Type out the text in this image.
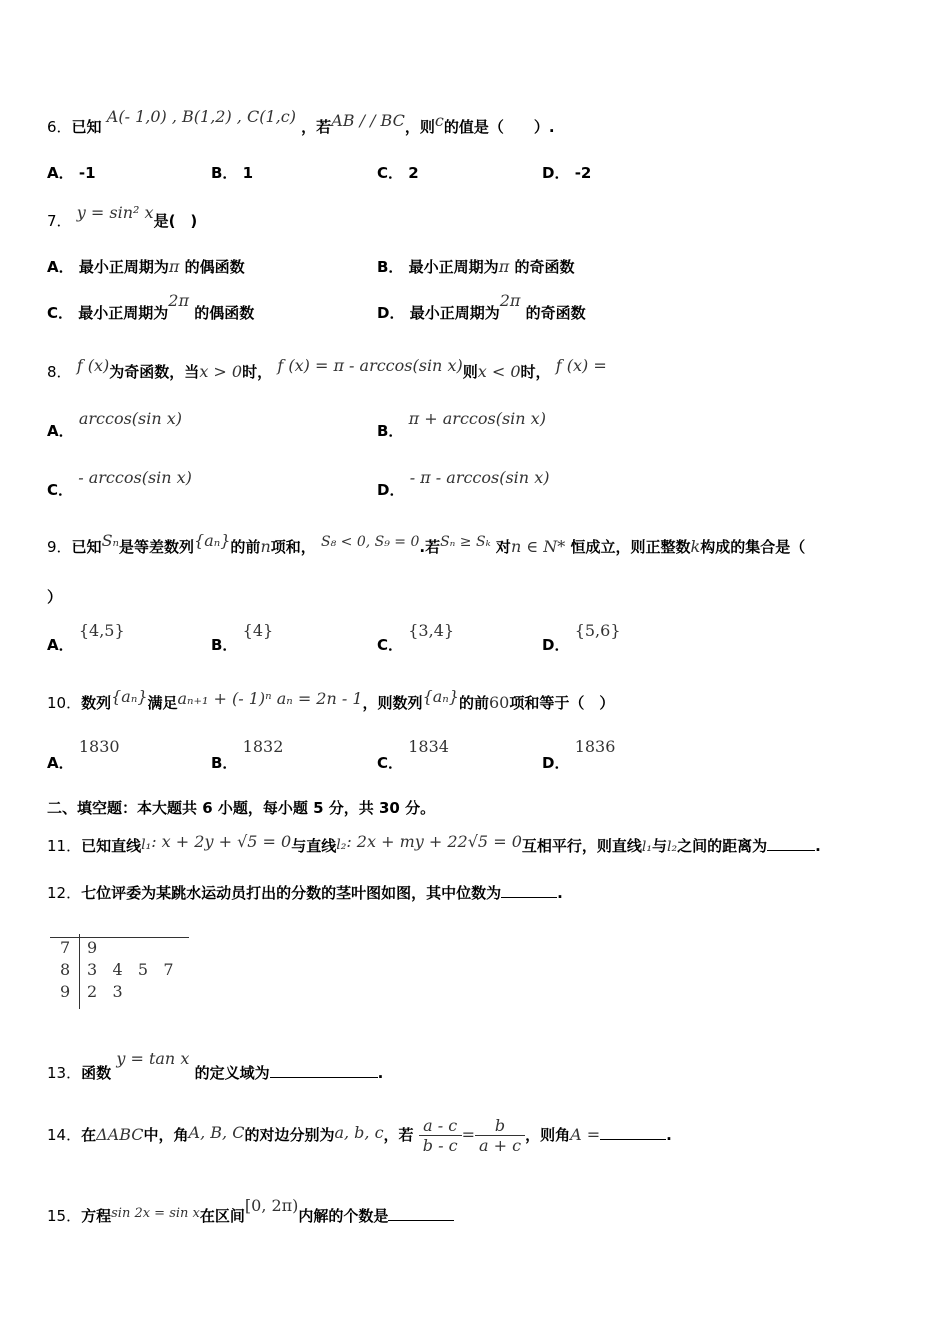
6．已知 A(- 1,0) , B(1,2) , C(1,c) ，若AB / / BC，则c的值是（　　）.
A． -1	B． 1	C． 2	D． -2
7． y = sin² x是(　)
A． 最小正周期为π 的偶函数	B． 最小正周期为π 的奇函数
C． 最小正周期为2π 的偶函数	D． 最小正周期为2π 的奇函数
8． f (x)为奇函数，当x > 0时， f (x) = π - arccos(sin x)则x < 0时， f (x) =
A． arccos(sin x)
B． π + arccos(sin x)
C． - arccos(sin x)
D． - π - arccos(sin x)
9．已知Sₙ是等差数列{aₙ}的前n项和， S₈ < 0, S₉ = 0.若Sₙ ≥ Sₖ 对n ∈ N* 恒成立，则正整数k构成的集合是（
）
A． {4,5}
B． {4}
C． {3,4}
D． {5,6}
10．数列{aₙ}满足aₙ₊₁ + (- 1)ⁿ aₙ = 2n - 1，则数列{aₙ}的前60项和等于（　）
A． 1830
B． 1832
C． 1834
D． 1836
二、填空题：本大题共 6 小题，每小题 5 分，共 30 分。
11．已知直线l₁: x + 2y + √5 = 0与直线l₂: 2x + my + 22√5 = 0互相平行，则直线l₁与l₂之间的距离为	.
12．七位评委为某跳水运动员打出的分数的茎叶图如图，其中位数为	.
7 9
8 3   4   5   7
9 2   3
13．函数 y = tan x 的定义域为	.
14．在ΔABC中，角A, B, C的对边分别为a, b, c，若 $\frac{a - c}{b - c} = \frac{b}{a + c}$ ，则角A =	.
15．方程sin 2x = sin x在区间[0, 2π)内解的个数是
